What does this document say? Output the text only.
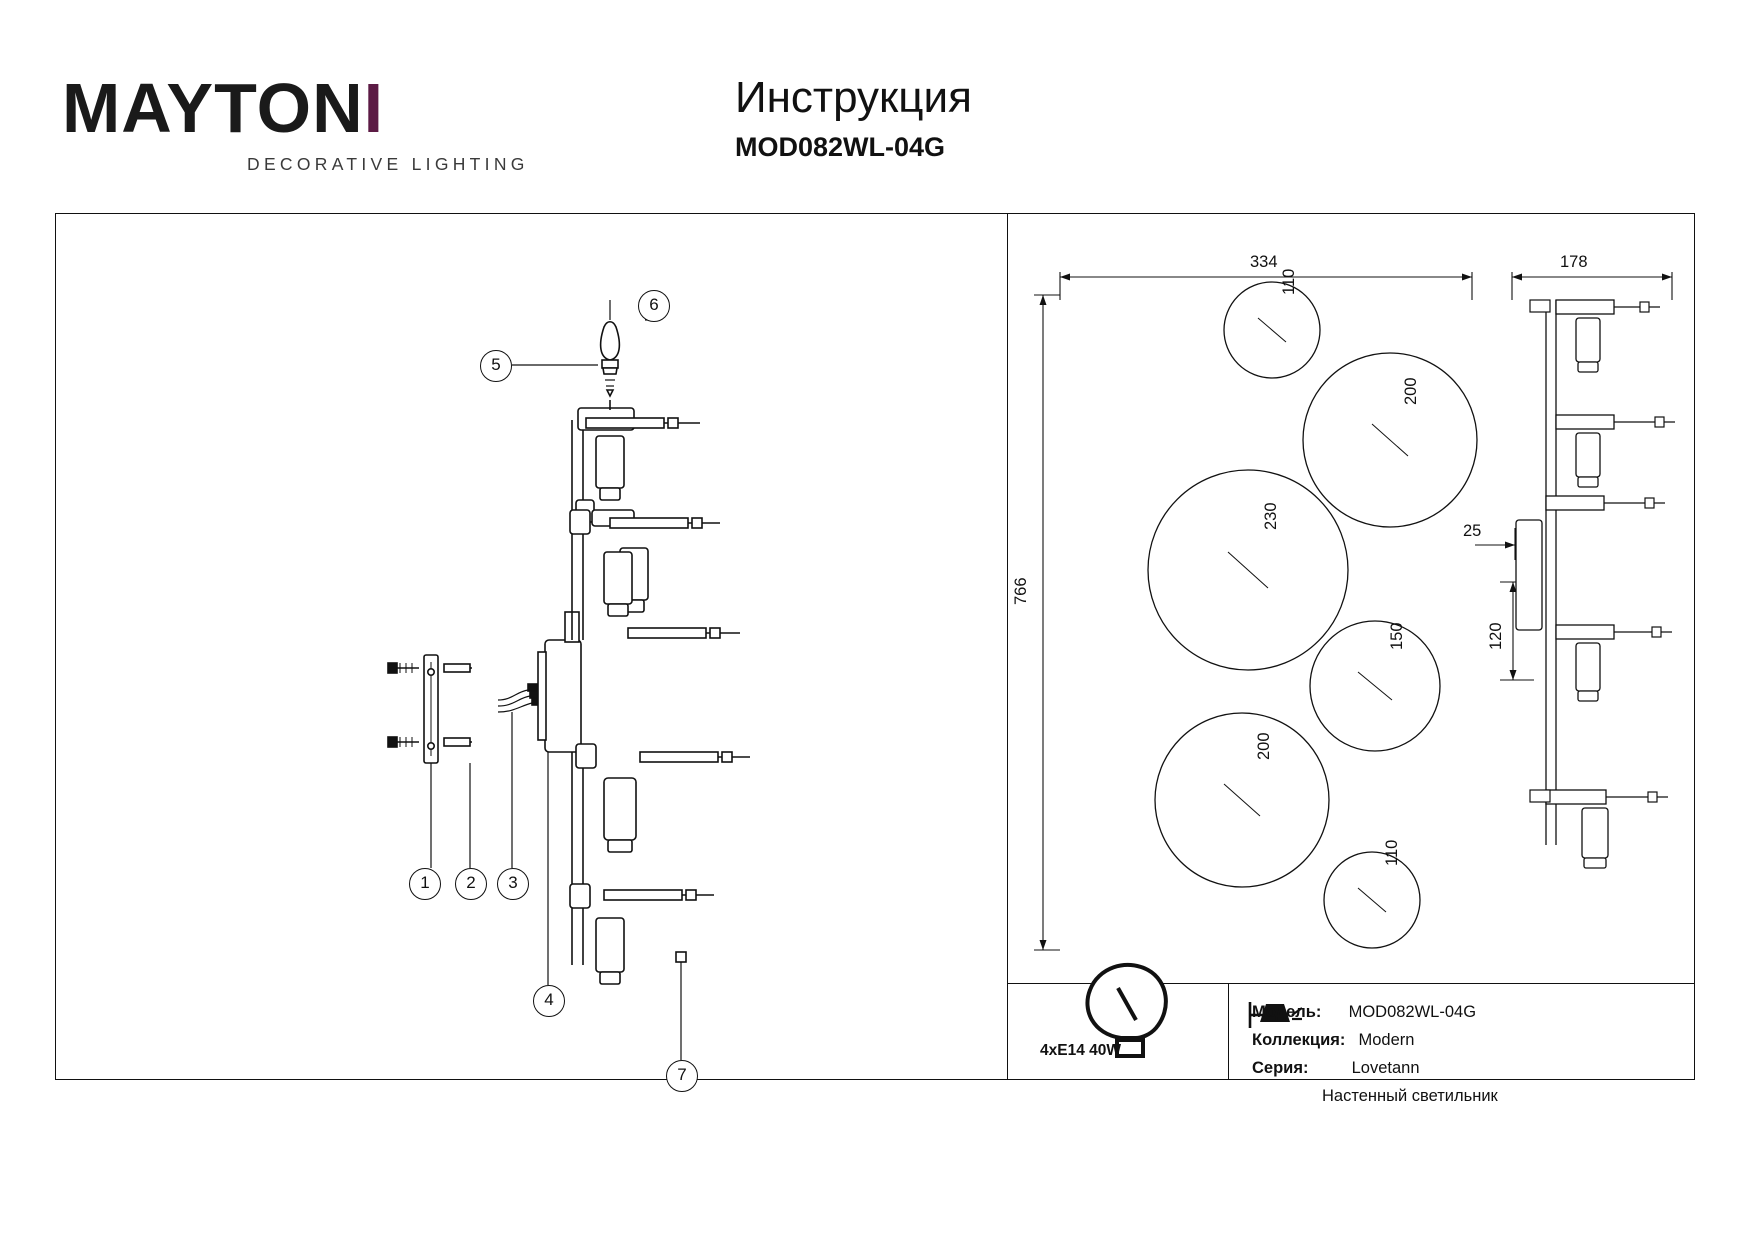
MAYTONI
DECORATIVE LIGHTING
Инструкция
MOD082WL-04G
1	2	3
4
5
6
7
334	178
766
25
120
110
200
230
150
200
110
4xE14 40W
Модель: MOD082WL-04G
Коллекция: Modern
Серия:	Lovetann
Настенный светильник
